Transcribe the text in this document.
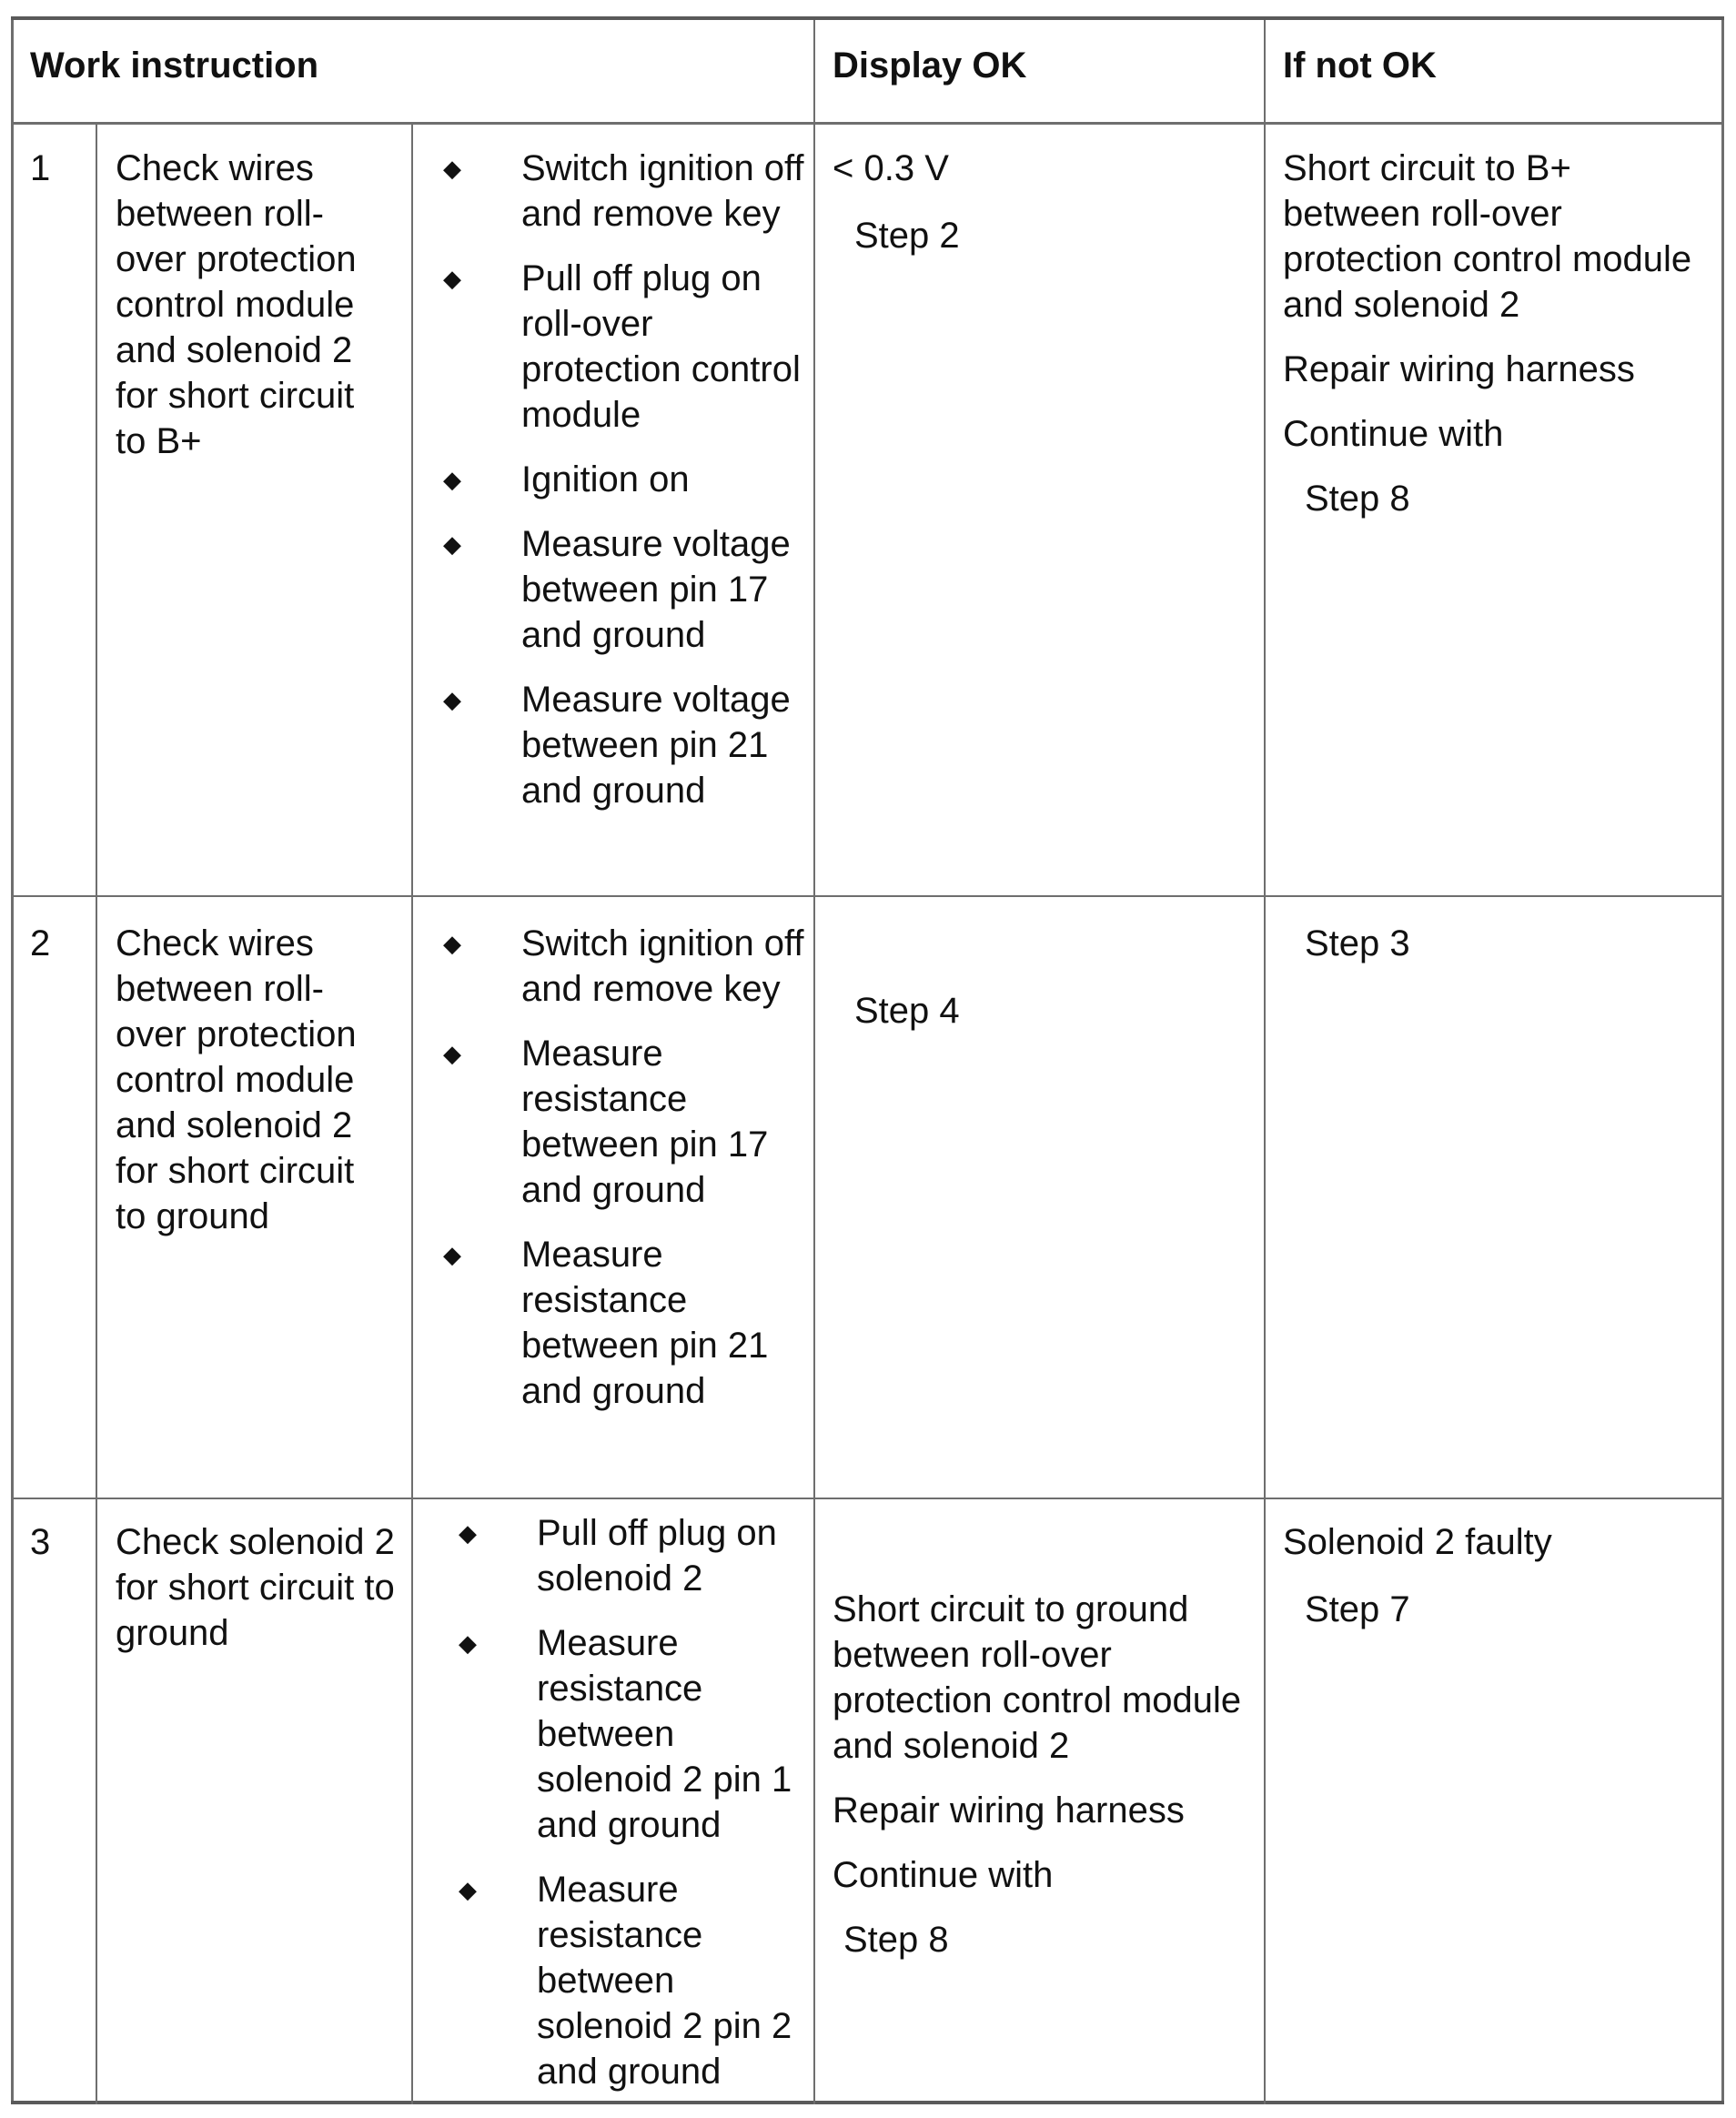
Work instruction	Display OK	If not OK
1 Check wires between roll-over protection control module and solenoid 2 for short circuit to B+
◆ Switch ignition off and remove key
◆ Pull off plug on roll-over protection control module
◆ Ignition on
◆ Measure voltage between pin 17 and ground
◆ Measure voltage between pin 21 and ground

< 0.3 V

Step 2

Short circuit to B+ between roll-over protection control module and solenoid 2

Repair wiring harness

Continue with

Step 8

2 Check wires between roll-over protection control module and solenoid 2 for short circuit to ground
◆ Switch ignition off and remove key
◆ Measure resistance between pin 17 and ground
◆ Measure resistance between pin 21 and ground

Step 4

Step 3

3 Check solenoid 2 for short circuit to ground
◆ Pull off plug on solenoid 2
◆ Measure resistance between solenoid 2 pin 1 and ground
◆ Measure resistance between solenoid 2 pin 2 and ground

Short circuit to ground between roll-over protection control module and solenoid 2

Repair wiring harness

Continue with

Step 8

Solenoid 2 faulty

Step 7
